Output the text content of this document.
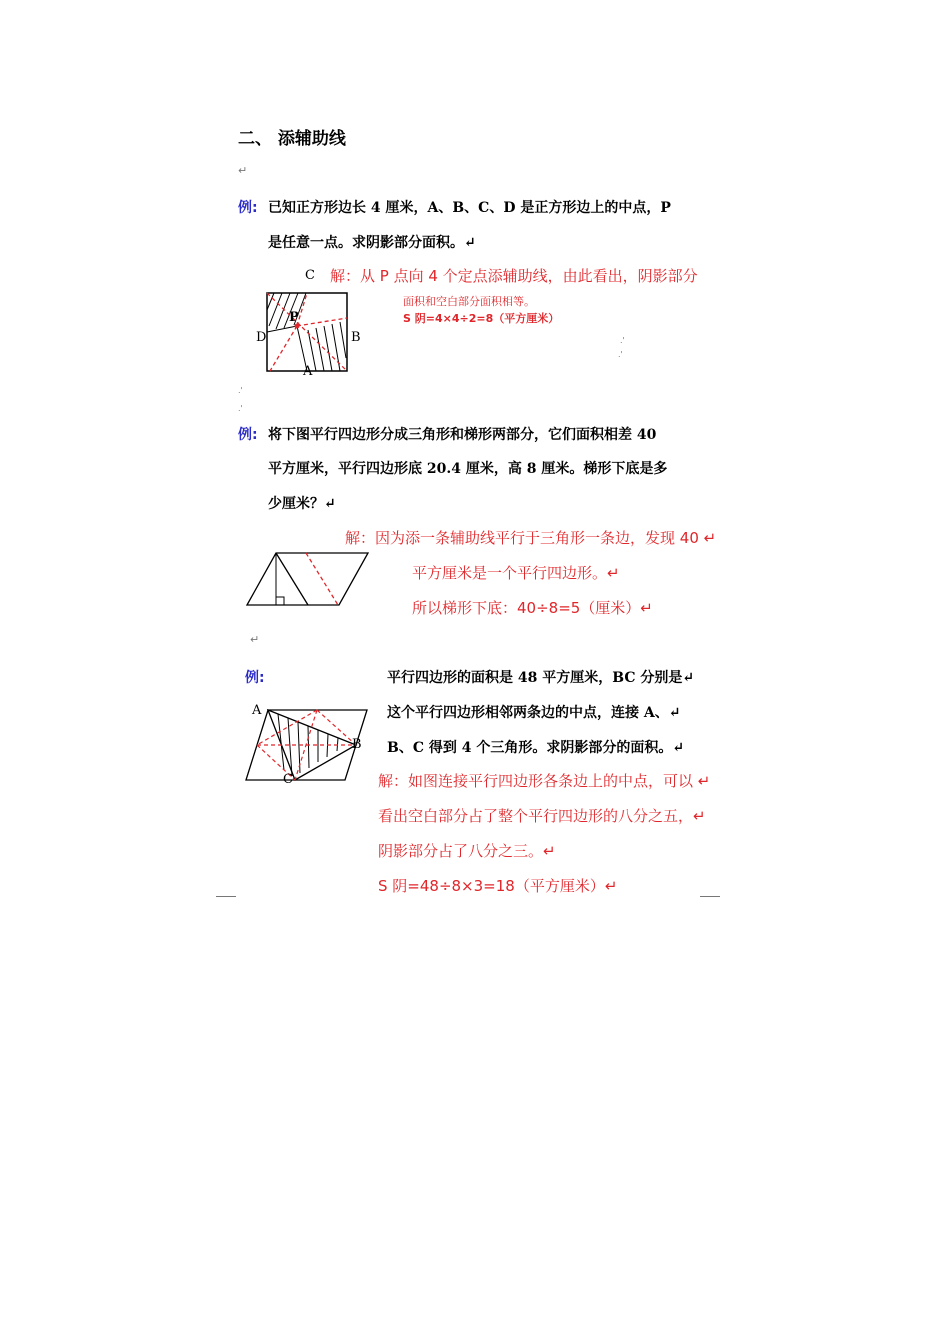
二、 添辅助线
↵
例: 已知正方形边长 4 厘米，A、B、C、D 是正方形边上的中点，P
是任意一点。求阴影部分面积。↵
C 解：从 P 点向 4 个定点添辅助线，由此看出，阴影部分
面积和空白部分面积相等。
S 阴=4×4÷2=8（平方厘米）
P
D	B
A
.'
.'
.'
.'
例: 将下图平行四边形分成三角形和梯形两部分，它们面积相差 40
平方厘米，平行四边形底 20.4 厘米，高 8 厘米。梯形下底是多
少厘米？↵
解：因为添一条辅助线平行于三角形一条边，发现 40 ↵
平方厘米是一个平行四边形。↵
所以梯形下底：40÷8=5（厘米）↵
↵
例:	平行四边形的面积是 48 平方厘米，BC 分别是↵
这个平行四边形相邻两条边的中点，连接 A、↵
B、C 得到 4 个三角形。求阴影部分的面积。↵
解：如图连接平行四边形各条边上的中点，可以 ↵
看出空白部分占了整个平行四边形的八分之五，↵
阴影部分占了八分之三。↵
S 阴=48÷8×3=18（平方厘米）↵
A
B
C
